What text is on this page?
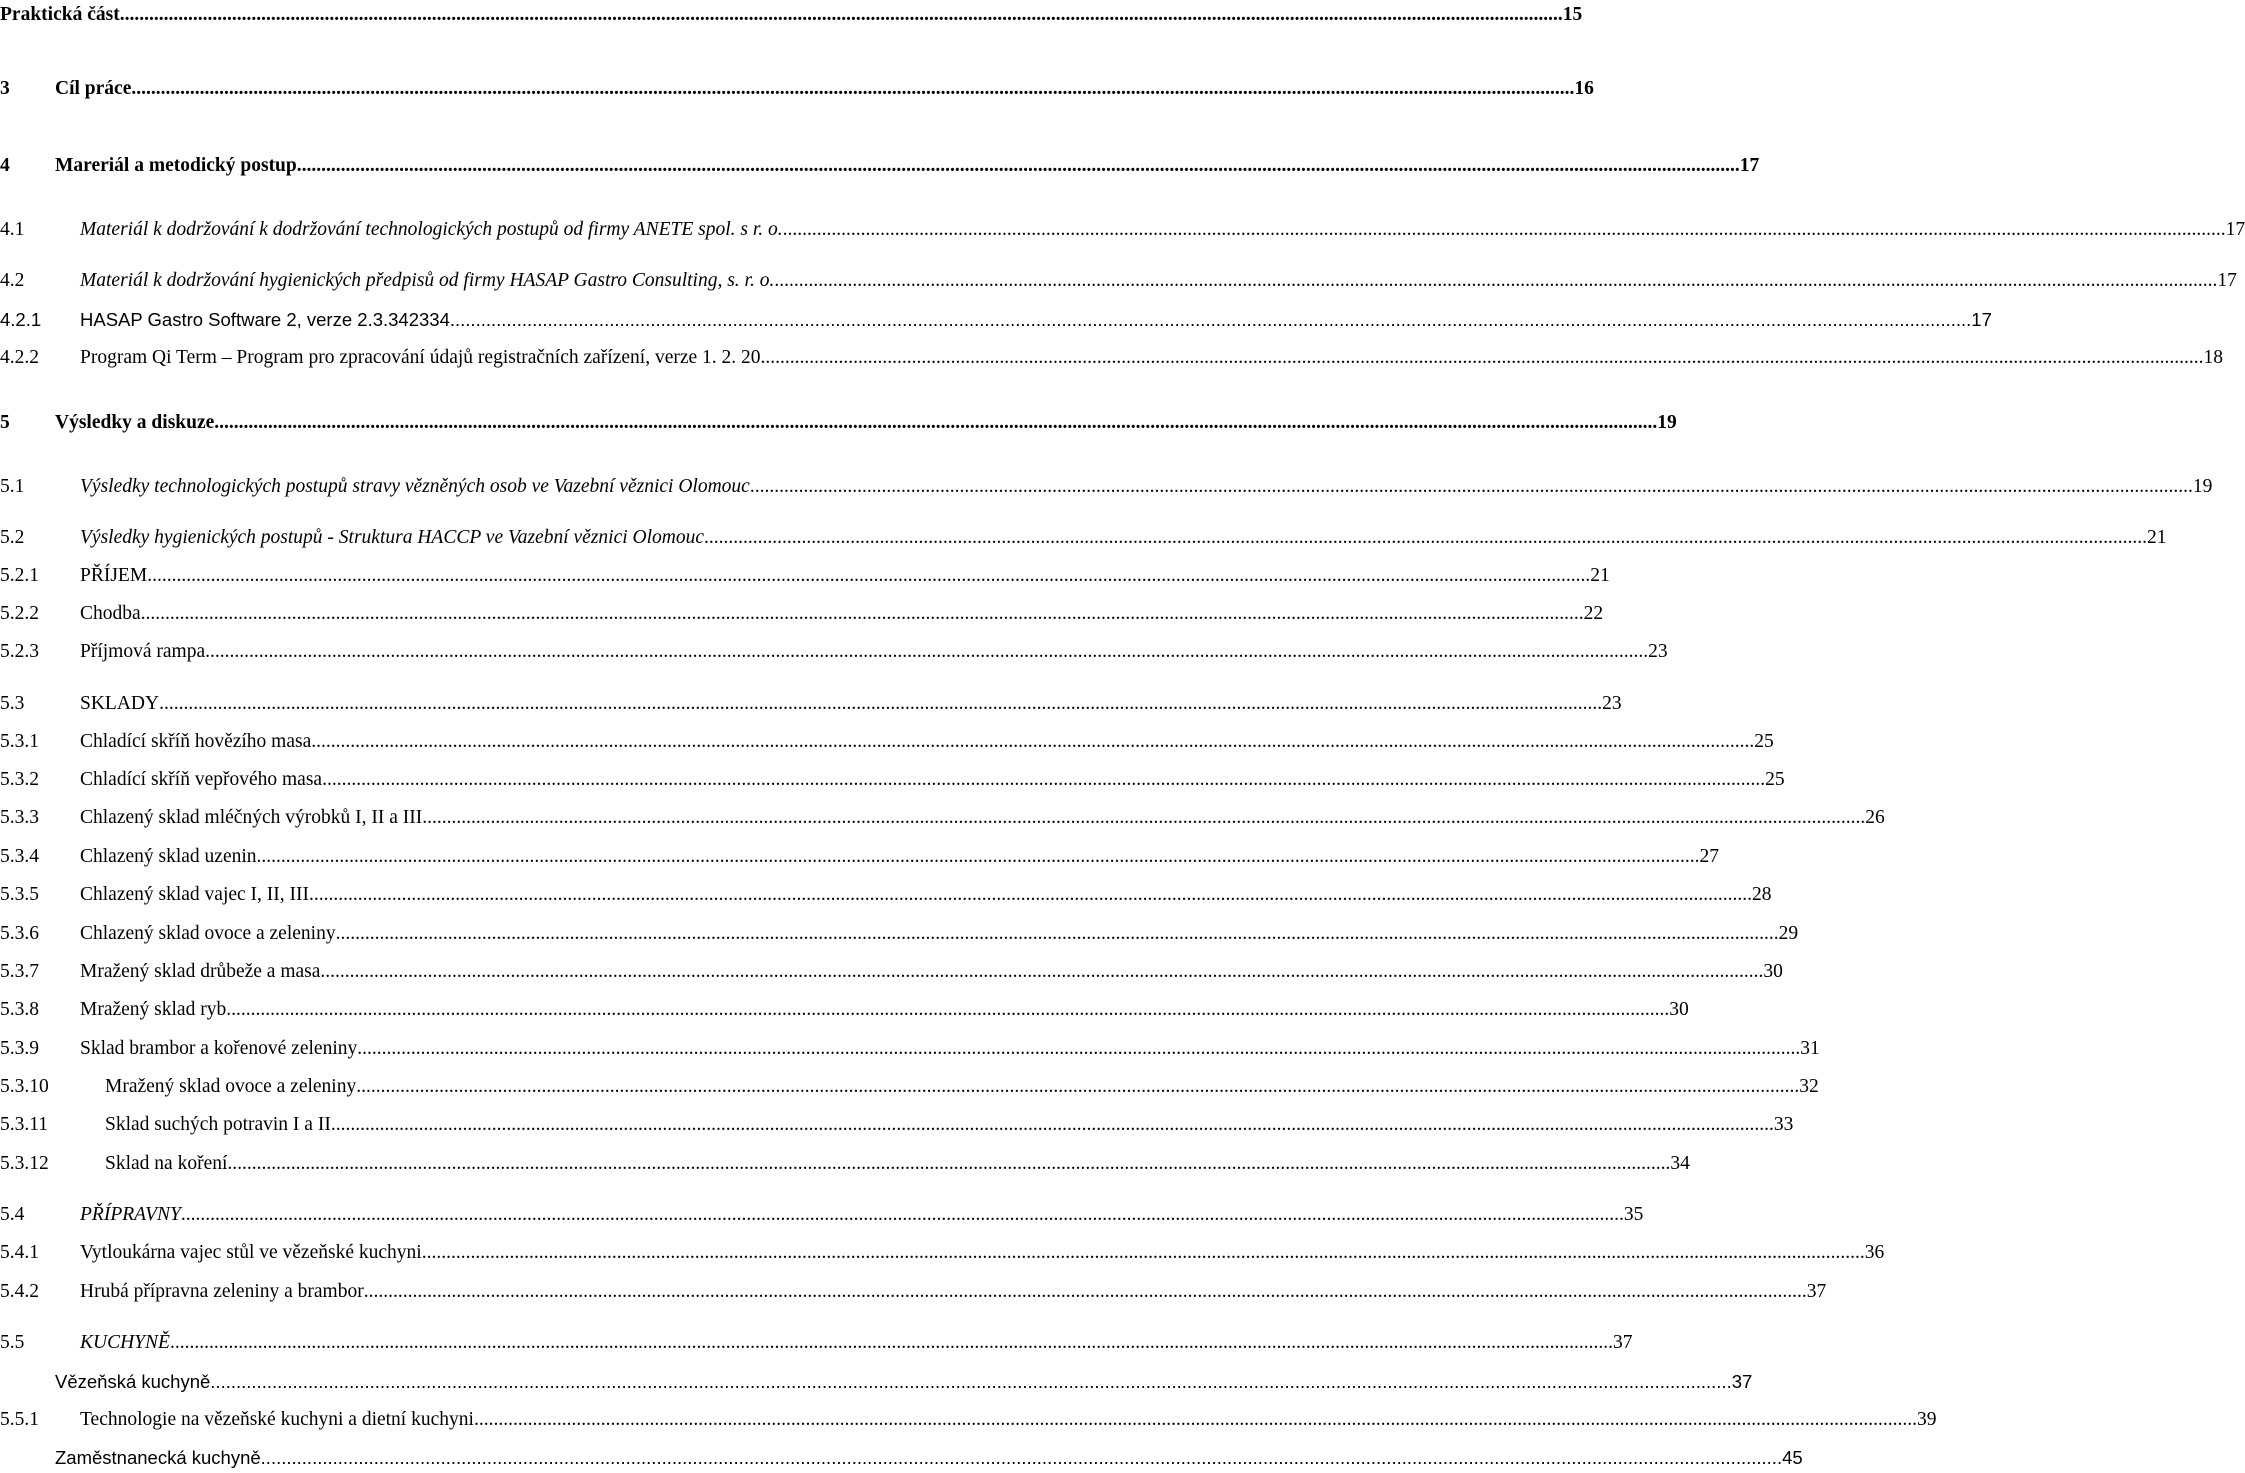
Praktická část .....	15
3	Cíl práce .....	16
4	Mareriál a metodický postup .....	17
4.1	Materiál k dodržování k dodržování technologických postupů od firmy ANETE spol. s r. o. .....	17
4.2	Materiál k dodržování hygienických předpisů od firmy HASAP Gastro Consulting, s. r. o. .....	17
4.2.1	HASAP Gastro Software 2, verze 2.3.342334 .....	17
4.2.2	Program Qi Term – Program pro zpracování údajů registračních zařízení, verze 1. 2. 20 .....	18
5	Výsledky a diskuze .....	19
5.1	Výsledky technologických postupů stravy vězněných osob ve Vazební věznici Olomouc .....	19
5.2	Výsledky hygienických postupů - Struktura HACCP ve Vazební věznici Olomouc .....	21
5.2.1	PŘÍJEM .....	21
5.2.2	Chodba .....	22
5.2.3	Příjmová rampa .....	23
5.3	SKLADY .....	23
5.3.1	Chladící skříň hovězího masa .....	25
5.3.2	Chladící skříň vepřového masa .....	25
5.3.3	Chlazený sklad mléčných výrobků I, II a III .....	26
5.3.4	Chlazený sklad uzenin .....	27
5.3.5	Chlazený sklad vajec I, II, III .....	28
5.3.6	Chlazený sklad ovoce a zeleniny .....	29
5.3.7	Mražený sklad drůbeže a masa .....	30
5.3.8	Mražený sklad ryb .....	30
5.3.9	Sklad brambor a kořenové zeleniny .....	31
5.3.10	Mražený sklad ovoce a zeleniny .....	32
5.3.11	Sklad suchých potravin I a II .....	33
5.3.12	Sklad na koření .....	34
5.4	PŘÍPRAVNY .....	35
5.4.1	Vytloukárna vajec stůl ve vězeňské kuchyni .....	36
5.4.2	Hrubá přípravna zeleniny a brambor .....	37
5.5	KUCHYNĚ .....	37
Vězeňská kuchyně .....	37
5.5.1	Technologie na vězeňské kuchyni a dietní kuchyni .....	39
Zaměstnanecká kuchyně .....	45
